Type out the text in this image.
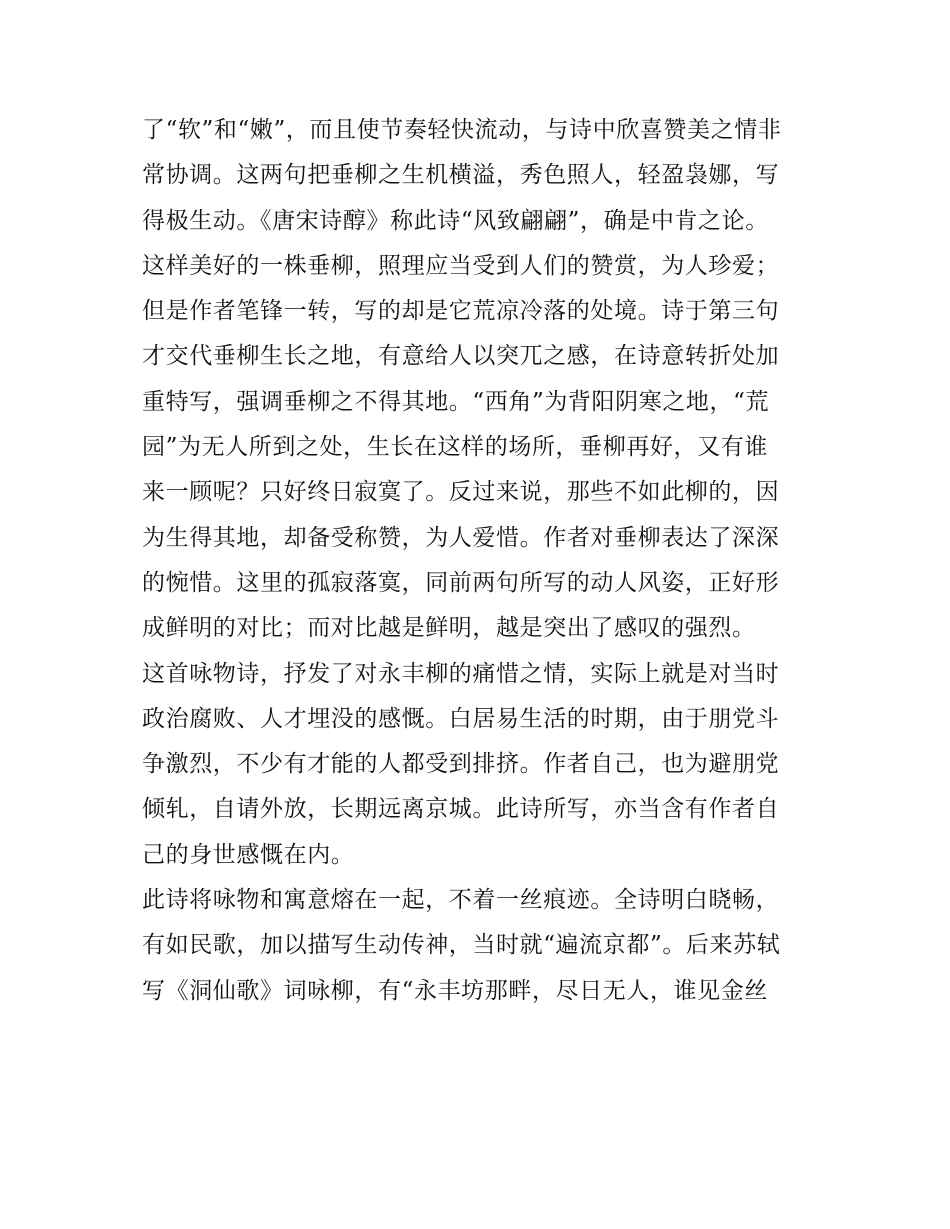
了“软”和“嫩”，而且使节奏轻快流动，与诗中欣喜赞美之情非
常协调。这两句把垂柳之生机横溢，秀色照人，轻盈袅娜，写
得极生动。《唐宋诗醇》称此诗“风致翩翩”，确是中肯之论。
这样美好的一株垂柳，照理应当受到人们的赞赏，为人珍爱；
但是作者笔锋一转，写的却是它荒凉冷落的处境。诗于第三句
才交代垂柳生长之地，有意给人以突兀之感，在诗意转折处加
重特写，强调垂柳之不得其地。“西角”为背阳阴寒之地，“荒
园”为无人所到之处，生长在这样的场所，垂柳再好，又有谁
来一顾呢？只好终日寂寞了。反过来说，那些不如此柳的，因
为生得其地，却备受称赞，为人爱惜。作者对垂柳表达了深深
的惋惜。这里的孤寂落寞，同前两句所写的动人风姿，正好形
成鲜明的对比；而对比越是鲜明，越是突出了感叹的强烈。
这首咏物诗，抒发了对永丰柳的痛惜之情，实际上就是对当时
政治腐败、人才埋没的感慨。白居易生活的时期，由于朋党斗
争激烈，不少有才能的人都受到排挤。作者自己，也为避朋党
倾轧，自请外放，长期远离京城。此诗所写，亦当含有作者自
己的身世感慨在内。
此诗将咏物和寓意熔在一起，不着一丝痕迹。全诗明白晓畅，
有如民歌，加以描写生动传神，当时就“遍流京都”。后来苏轼
写《洞仙歌》词咏柳，有“永丰坊那畔，尽日无人，谁见金丝
